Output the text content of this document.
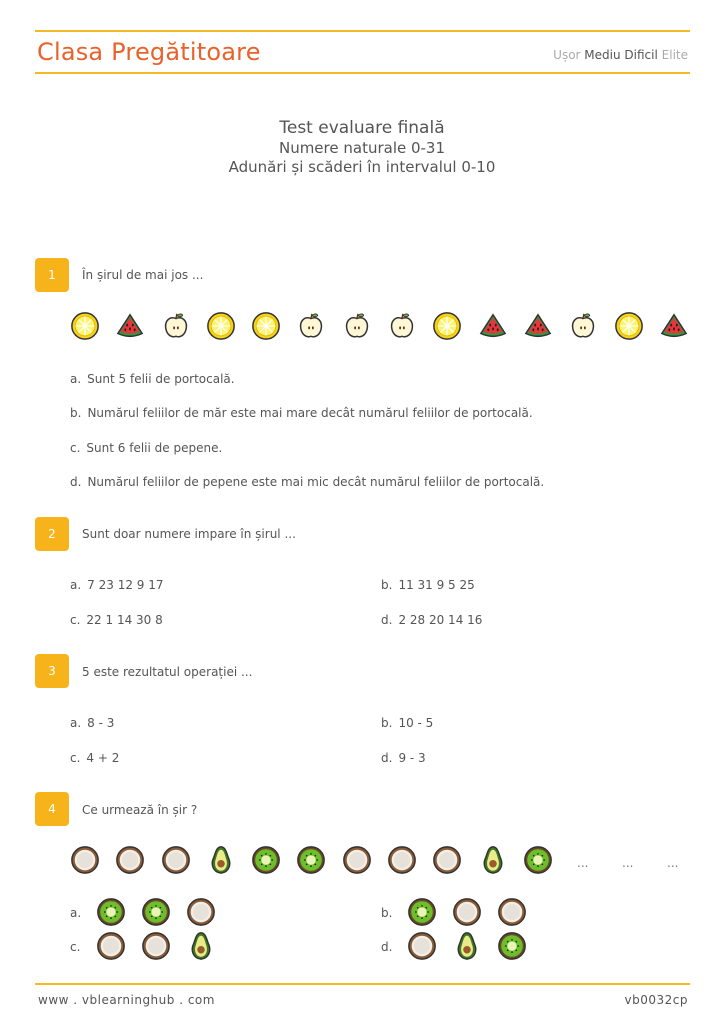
Clasa Pregătitoare	Ușor Mediu Dificil Elite
Test evaluare finală
Numere naturale 0-31
Adunări și scăderi în intervalul 0-10
1	În șirul de mai jos ...
a. Sunt 5 felii de portocală.
b. Numărul feliilor de măr este mai mare decât numărul feliilor de portocală.
c. Sunt 6 felii de pepene.
d. Numărul feliilor de pepene este mai mic decât numărul feliilor de portocală.
2	Sunt doar numere impare în șirul ...
a. 7 23 12 9 17	b. 11 31 9 5 25
c. 22 1 14 30 8	d. 2 28 20 14 16
3	5 este rezultatul operației ...
a. 8 - 3	b. 10 - 5
c. 4 + 2	d. 9 - 3
4	Ce urmează în șir ?
...	...	...
a.	b.
c.	d.
www . vblearninghub . com	vb0032cp
